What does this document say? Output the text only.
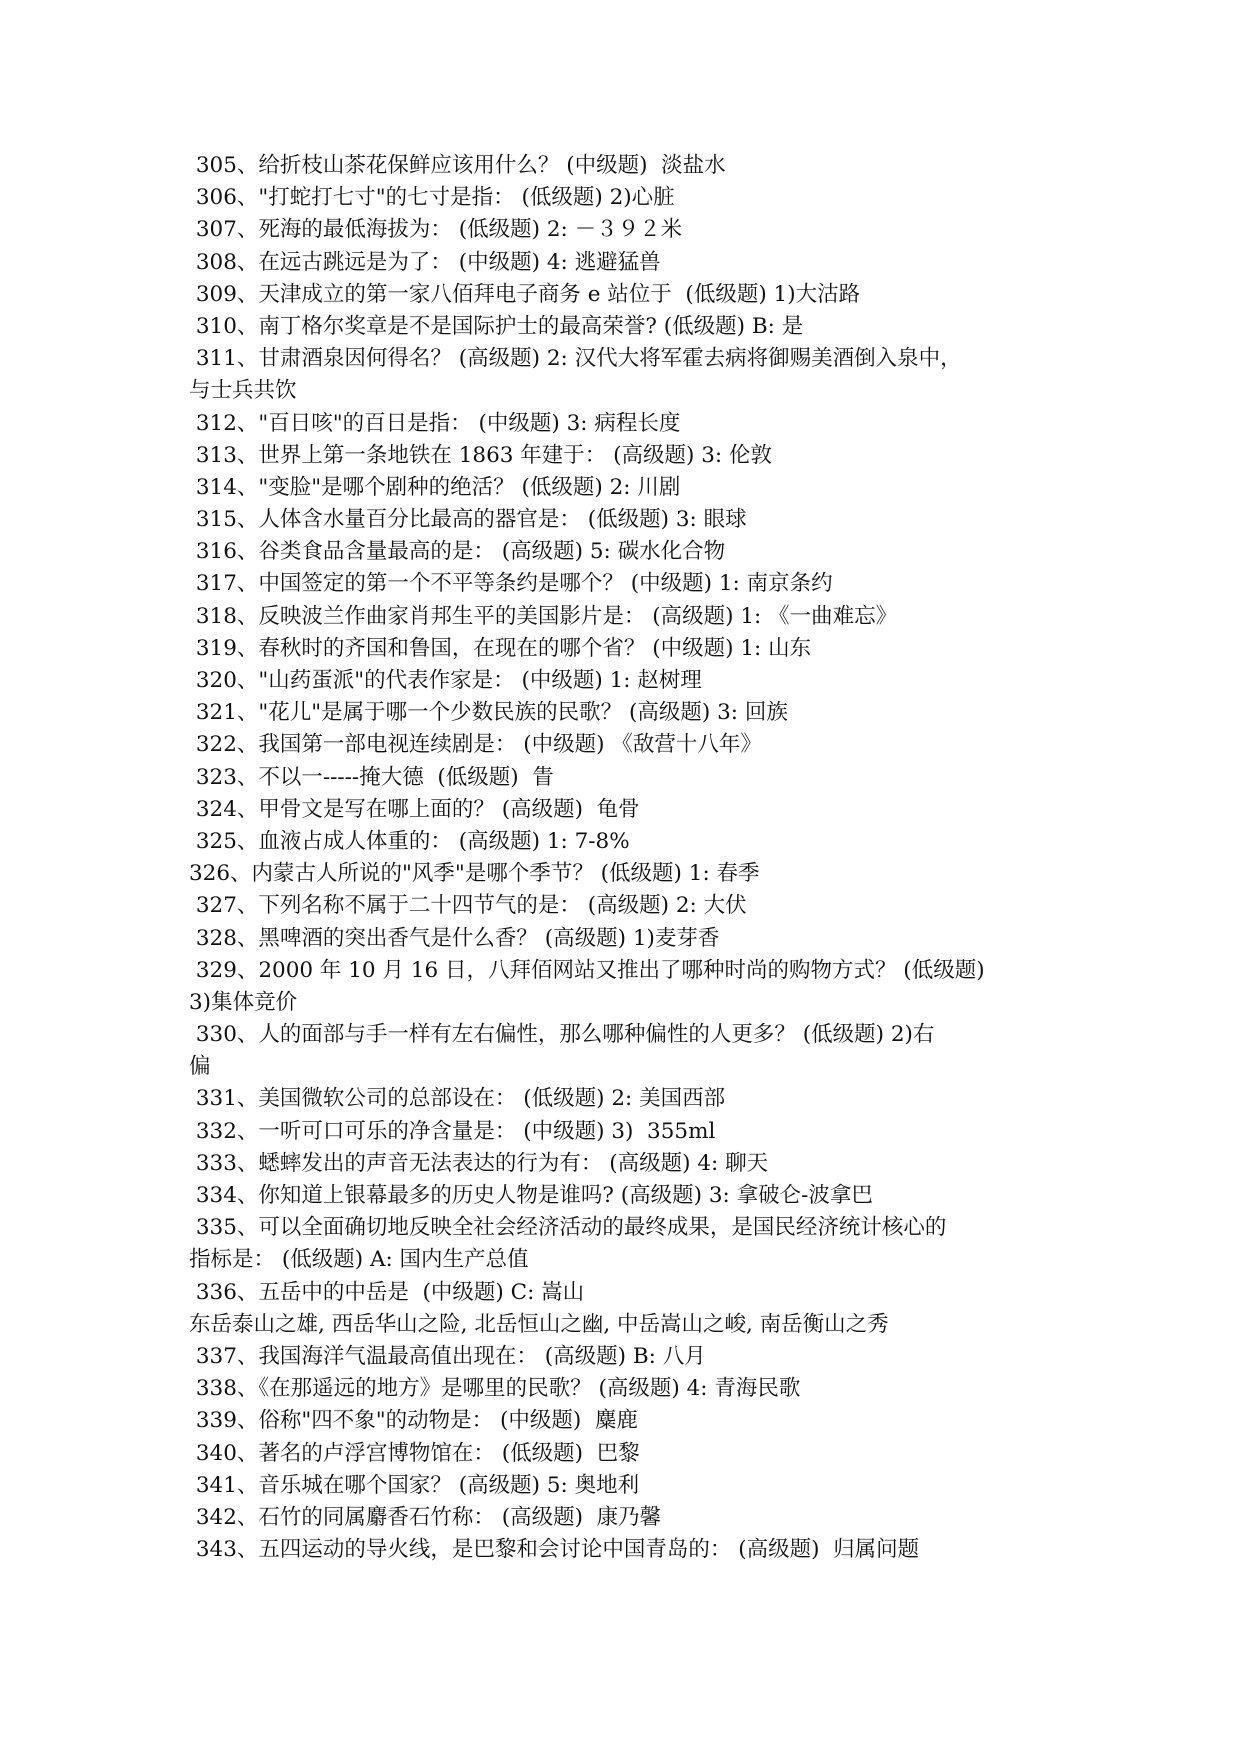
305、给折枝山茶花保鲜应该用什么？ (中级题)  淡盐水
306、"打蛇打七寸"的七寸是指： (低级题) 2)心脏
307、死海的最低海拔为： (低级题) 2: －３９２米
308、在远古跳远是为了： (中级题) 4: 逃避猛兽
309、天津成立的第一家八佰拜电子商务 e 站位于  (低级题) 1)大沽路
310、南丁格尔奖章是不是国际护士的最高荣誉? (低级题) B: 是
311、甘肃酒泉因何得名？ (高级题) 2: 汉代大将军霍去病将御赐美酒倒入泉中，
与士兵共饮
312、"百日咳"的百日是指： (中级题) 3: 病程长度
313、世界上第一条地铁在 1863 年建于： (高级题) 3: 伦敦
314、"变脸"是哪个剧种的绝活？ (低级题) 2: 川剧
315、人体含水量百分比最高的器官是： (低级题) 3: 眼球
316、谷类食品含量最高的是： (高级题) 5: 碳水化合物
317、中国签定的第一个不平等条约是哪个？ (中级题) 1: 南京条约
318、反映波兰作曲家肖邦生平的美国影片是： (高级题) 1: 《一曲难忘》
319、春秋时的齐国和鲁国，在现在的哪个省？ (中级题) 1: 山东
320、"山药蛋派"的代表作家是： (中级题) 1: 赵树理
321、"花儿"是属于哪一个少数民族的民歌？ (高级题) 3: 回族
322、我国第一部电视连续剧是： (中级题) 《敌营十八年》
323、不以一-----掩大德  (低级题)  眚
324、甲骨文是写在哪上面的？ (高级题)  龟骨
325、血液占成人体重的： (高级题) 1: 7-8%
326、内蒙古人所说的"风季"是哪个季节？ (低级题) 1: 春季
327、下列名称不属于二十四节气的是： (高级题) 2: 大伏
328、黑啤酒的突出香气是什么香？ (高级题) 1)麦芽香
329、2000 年 10 月 16 日，八拜佰网站又推出了哪种时尚的购物方式？ (低级题)
3)集体竞价
330、人的面部与手一样有左右偏性，那么哪种偏性的人更多？ (低级题) 2)右
偏
331、美国微软公司的总部设在： (低级题) 2: 美国西部
332、一听可口可乐的净含量是： (中级题) 3)  355ml
333、蟋蟀发出的声音无法表达的行为有： (高级题) 4: 聊天
334、你知道上银幕最多的历史人物是谁吗? (高级题) 3: 拿破仑-波拿巴
335、可以全面确切地反映全社会经济活动的最终成果，是国民经济统计核心的
指标是： (低级题) A: 国内生产总值
336、五岳中的中岳是  (中级题) C: 嵩山
东岳泰山之雄, 西岳华山之险, 北岳恒山之幽, 中岳嵩山之峻, 南岳衡山之秀
337、我国海洋气温最高值出现在： (高级题) B: 八月
338、《在那遥远的地方》是哪里的民歌？ (高级题) 4: 青海民歌
339、俗称"四不象"的动物是： (中级题)  麋鹿
340、著名的卢浮宫博物馆在： (低级题)  巴黎
341、音乐城在哪个国家？ (高级题) 5: 奥地利
342、石竹的同属麝香石竹称： (高级题)  康乃馨
343、五四运动的导火线，是巴黎和会讨论中国青岛的： (高级题)  归属问题
